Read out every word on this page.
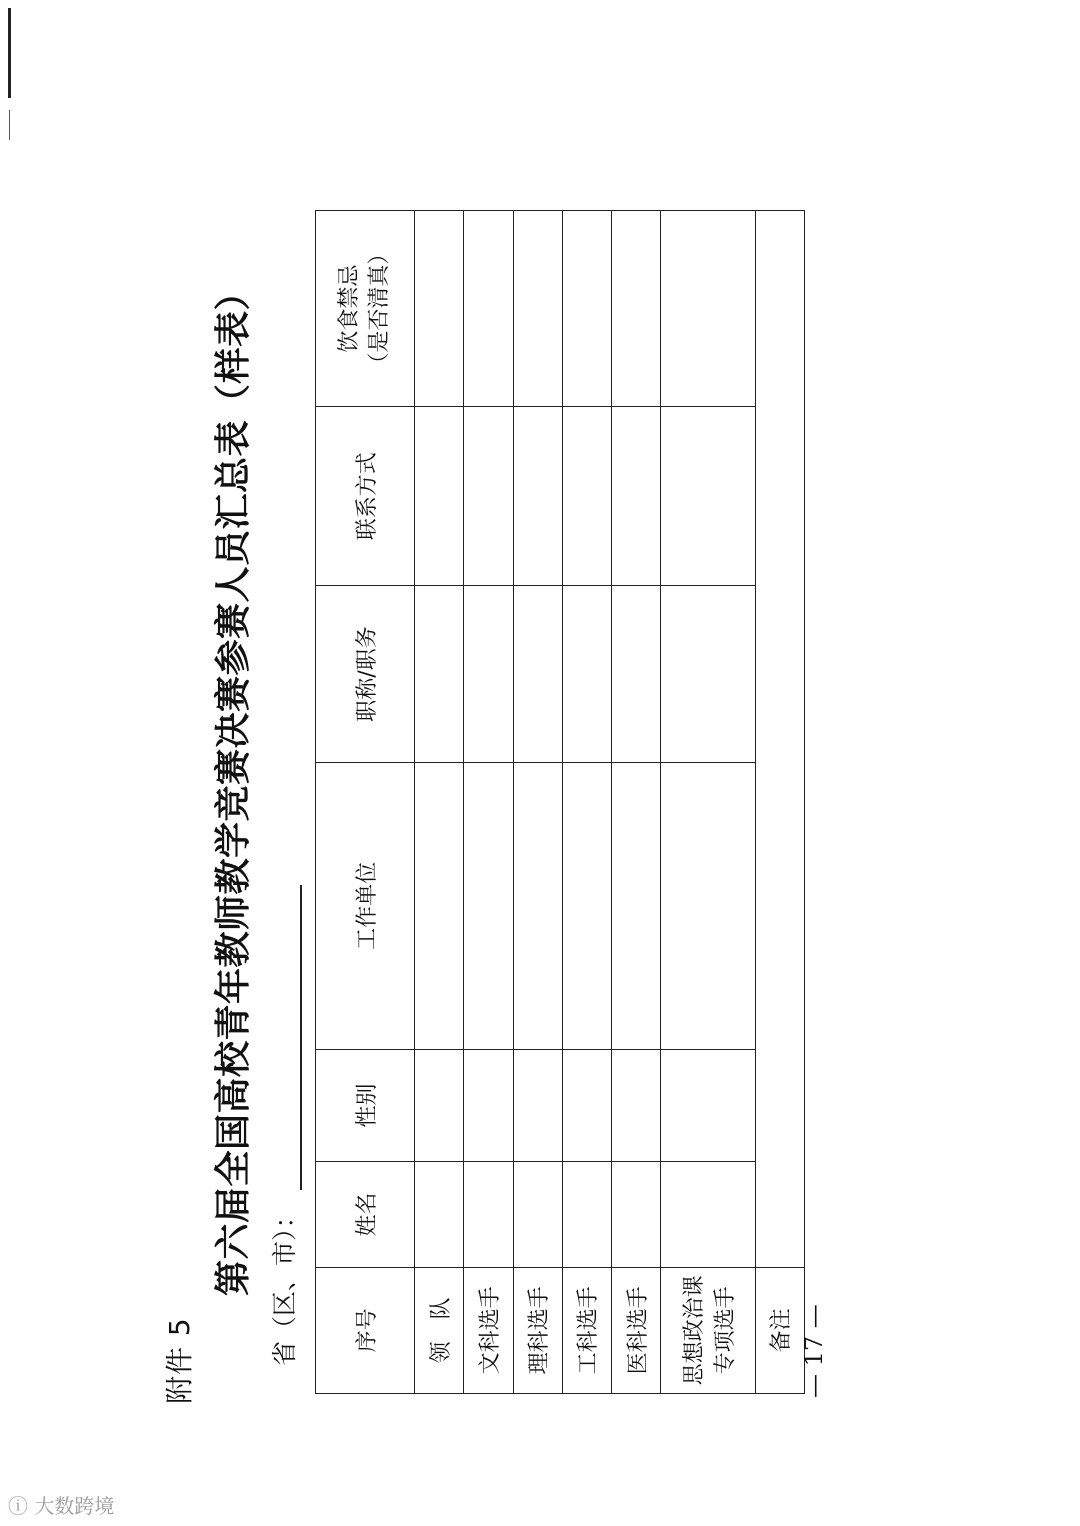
附件 5
第六届全国高校青年教师教学竞赛决赛参赛人员汇总表（样表） 省（区、市）：	序号	姓名	性别	工作单位	职称/职务	联系方式	饮食禁忌 （是否清真）

领　队						
文科选手						
理科选手						
工科选手						
医科选手						
思想政治课专项选手						
备注						— 17 —
ⓘ 大数跨境
